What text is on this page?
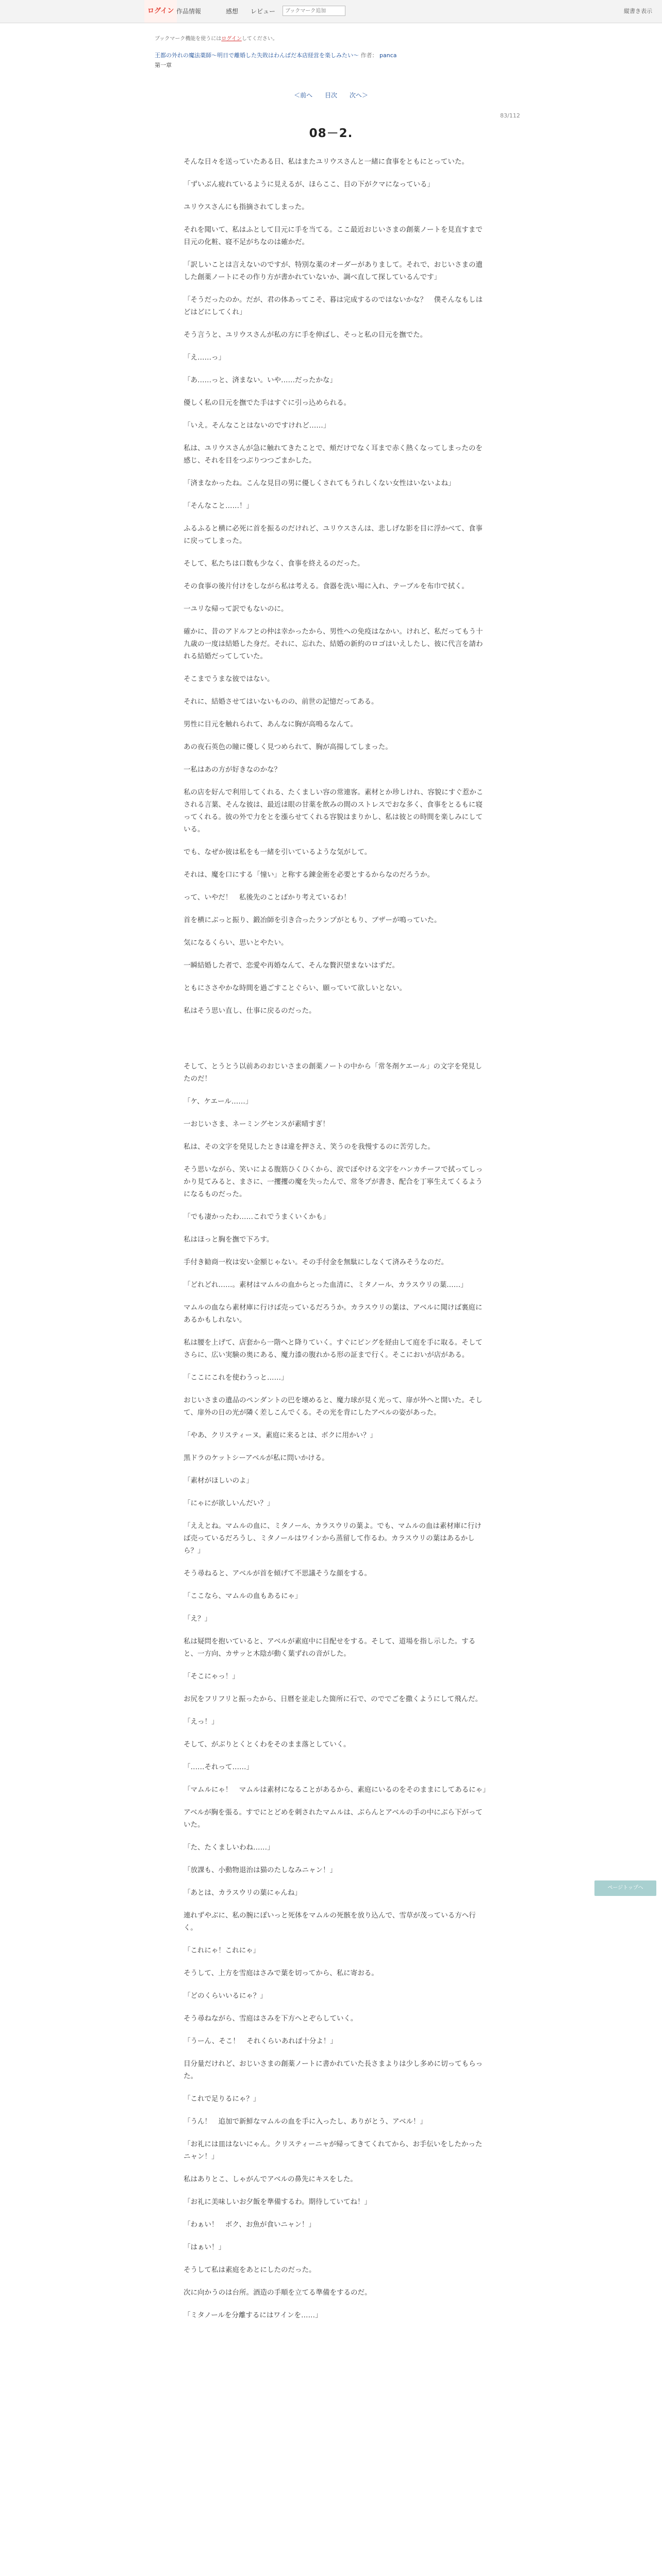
ログイン 作品情報	感想 レビュー
ブックマーク追加	縦書き表示
ブックマーク機能を使うにはログインしてください。
王都の外れの魔法薬師〜明日で離婚した失敗はわんぱだ本店経営を楽しみたい〜 作者： panca
第一章
＜前へ 目次 次へ＞
83/112
08－2.

そんな日々を送っていたある日、私はまたユリウスさんと一緒に食事をともにとっていた。

「ずいぶん疲れているように見えるが、ほらここ、目の下がクマになっている」

ユリウスさんにも指摘されてしまった。

それを聞いて、私はふとして目元に手を当てる。ここ最近おじいさまの創薬ノートを見直すまで目元の化粧、寝不足がちなのは確かだ。

「訳しいことは言えないのですが、特別な薬のオーダーがありまして。それで、おじいさまの遺した創薬ノートにその作り方が書かれていないか、調べ直して探しているんです」

「そうだったのか。だが、君の体あってこそ、暮は完成するのではないかな？　僕そんなもしはどはどにしてくれ」

そう言うと、ユリウスさんが私の方に手を伸ばし、そっと私の目元を撫でた。

「え……っ」

「あ……っと、済まない。いや……だったかな」

優しく私の目元を撫でた手はすぐに引っ込められる。

「いえ。そんなことはないのですけれど……」

私は、ユリウスさんが急に触れてきたことで、頬だけでなく耳まで赤く熱くなってしまったのを感じ、それを目をつぶりつつごまかした。

「済まなかったね。こんな見目の男に優しくされてもうれしくない女性はいないよね」

「そんなこと……！」

ふるふると横に必死に首を振るのだけれど、ユリウスさんは、悲しげな影を目に浮かべて、食事に戻ってしまった。

そして、私たちは口数も少なく、食事を終えるのだった。

その食事の後片付けをしながら私は考える。食器を洗い場に入れ、テーブルを布巾で拭く。

一ユリな帰って訳でもないのに。

確かに、昔のアドルフとの仲は幸かったから、男性への免疫はなかい。けれど、私だってもう十九歳の一度は結婚した身だ。それに、忘れた、結婚の新約のロゴはいえしたし、彼に代言を請われる結婚だってしていた。

そこまでうまな彼ではない。

それに、結婚させてはいないものの、前世の記憶だってある。

男性に目元を触れられて、あんなに胸が高鳴るなんて。

あの夜石英色の瞳に優しく見つめられて、胸が高揚してしまった。

一私はあの方が好きなのかな？

私の店を好んで利用してくれる、たくましい容の常連客。素材とか珍しけれ、容貌にすぐ惹かこされる言葉、そんな彼は、最近は眼の甘薬を飲みの間のストレスでおな多く、食事をとるもに寝ってくれる。彼の外で力をとを漲らせてくれる容貌はまりかし、私は彼との時間を楽しみにしている。

でも、なぜか彼は私をも一緒を引いているような気がして。

それは、魔を口にする「憧い」と称する錬金術を必要とするからなのだろうか。

って、いやだ！　私後先のことばかり考えているわ！

首を横にぶっと振り、鍛冶師を引き合ったランプがともり、ブザーが鳴っていた。

気になるくらい、思いとやたい。

一瞬結婚した者で、恋愛や再婚なんて、そんな贅沢望まないはずだ。

ともにささやかな時間を過ごすことぐらい、願っていて欲しいとない。

私はそう思い直し、仕事に戻るのだった。

そして、とうとう以前あのおじいさまの創薬ノートの中から「常冬剤ケエール」の文字を発見したのだ！

「ケ、ケエール……」

一おじいさま、ネーミングセンスが素晴すぎ！

私は、その文字を発見したときは違を押さえ、笑うのを我慢するのに苦労した。

そう思いながら、笑いによる腹筋ひくひくから、涙でぼやける文字をハンカチーフで拭ってしっかり見てみると、まさに、一攫攫の魔を失ったんで、常冬プが書き、配合を丁寧生えてくるようになるものだった。

「でも凄かったわ……これでうまくいくかも」

私はほっと胸を撫で下ろす。

手付き勧商一枚は安い金額じゃない。その手付金を無駄にしなくて済みそうなのだ。

「どれどれ……。素材はマムルの血からとった血清に、ミタノール、カラスウリの葉……」

マムルの血なら素材庫に行けば売っているだろうか。カラスウリの葉は、アベルに聞けば裏庭にあるかもしれない。

私は腰を上げて、店套から一階へと降りていく。すぐにピングを経由して庭を手に取る。そしてさらに、広い実験の奥にある、魔力漆の腹れかる形の証まで行く。そこにおいが店がある。

「ここにこれを使わうっと……」

おじいさまの遺品のペンダントの巴を壊めると、魔力球が見く光って、扉が外へと開いた。そして、扉外の日の光が隣く差しこんでくる。その光を背にしたアベルの姿があった。

「やあ、クリスティーヌ。素庭に来るとは、ボクに用かい？」

黒ドラのケットシーアベルが私に問いかける。

「素材がほしいのよ」

「にゃにが欲しいんだい？」

「ええとね。マムルの血に、ミタノール、カラスウリの葉よ。でも、マムルの血は素材庫に行けば売っているだろうし、ミタノールはワインから蒸留して作るわ。カラスウリの葉はあるかしら？」

そう尋ねると、アベルが首を傾げて不思議そうな顔をする。

「ここなら、マムルの血もあるにゃ」

「え？」

私は疑問を抱いていると、アベルが素庭中に目配せをする。そして、道場を指し示した。すると、一方向、カサッと木陰が動く葉ずれの音がした。

「そこにゃっ！」

お尻をフリフリと振ったから、日暦を並走した箇所に石で、のででごを撒くようにして飛んだ。

「えっ！」

そして、がぶりとくとくわをそのまま落としていく。

「……それって……」

「マムルにゃ！　マムルは素材になることがあるから、素庭にいるのをそのままにしてあるにゃ」

アベルが胸を張る。すでにとどめを刺されたマムルは、ぶらんとアベルの手の中にぶら下がっていた。

「た、たくましいわね……」

「放課も、小動物退治は猫のたしなみニャン！」

「あとは、カラスウリの葉にゃんね」

連れずやぶに、私の腕にぽいっと死体をマムルの死骸を放り込んで、雪草が茂っている方へ行く。

「これにゃ！これにゃ」

そうして、上方を雪庭はさみで葉を切ってから、私に寄おる。

「どのくらいいるにゃ？」

そう尋ねながら、雪庭はさみを下方へとぞらしていく。

「うーん、そこ！　それくらいあれば十分よ！」

目分量だけれど、おじいさまの創薬ノートに書かれていた長さまよりは少し多めに切ってもらった。

「これで足りるにゃ？」

「うん！　追加で新鮮なマムルの血を手に入ったし、ありがとう、アベル！」

「お礼には皿はないにゃん。クリスティーニャが帰ってきてくれてから、お手伝いをしたかったニャン！」

私はありとこ、しゃがんでアベルの鼻先にキスをした。

「お礼に美味しいお夕飯を準備するわ。期待していてね！」

「わぁい！　ボク、お魚が食いニャン！」

「はぁい！」

そうして私は素庭をあとにしたのだった。

次に向かうのは台所。酒造の手順を立てる準備をするのだ。

「ミタノールを分離するにはワインを……」

ページトップへ
